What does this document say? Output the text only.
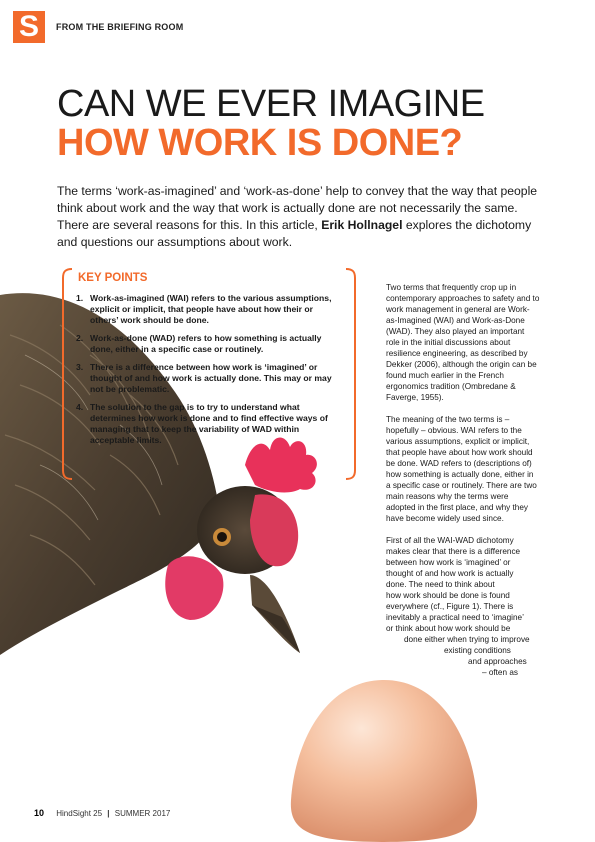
S	FROM THE BRIEFING ROOM
CAN WE EVER IMAGINE
HOW WORK IS DONE?
The terms ‘work-as-imagined’ and ‘work-as-done’ help to convey that the way that people think about work and the way that work is actually done are not necessarily the same. There are several reasons for this. In this article, Erik Hollnagel explores the dichotomy and questions our assumptions about work.
KEY POINTS
1. Work-as-imagined (WAI) refers to the various assumptions, explicit or implicit, that people have about how their or others’ work should be done.
2. Work-as-done (WAD) refers to how something is actually done, either in a specific case or routinely.
3. There is a difference between how work is ‘imagined’ or thought of and how work is actually done. This may or may not be problematic.
4. The solution to the gap is to try to understand what determines how work is done and to find effective ways of managing that to keep the variability of WAD within acceptable limits.

Two terms that frequently crop up in contemporary approaches to safety and to work management in general are Work-as-Imagined (WAI) and Work-as-Done (WAD). They also played an important role in the initial discussions about resilience engineering, as described by Dekker (2006), although the origin can be found much earlier in the French ergonomics tradition (Ombredane & Faverge, 1955).

The meaning of the two terms is – hopefully – obvious. WAI refers to the various assumptions, explicit or implicit, that people have about how work should be done. WAD refers to (descriptions of) how something is actually done, either in a specific case or routinely. There are two main reasons why the terms were adopted in the first place, and why they have become widely used since.

First of all the WAI-WAD dichotomy
makes clear that there is a difference
between how work is ‘imagined’ or
thought of and how work is actually
done. The need to think about
how work should be done is found
everywhere (cf., Figure 1). There is
inevitably a practical need to ‘imagine’
or think about how work should be
done either when trying to improve
existing conditions
and approaches
– often as

10 HindSight 25 | SUMMER 2017
